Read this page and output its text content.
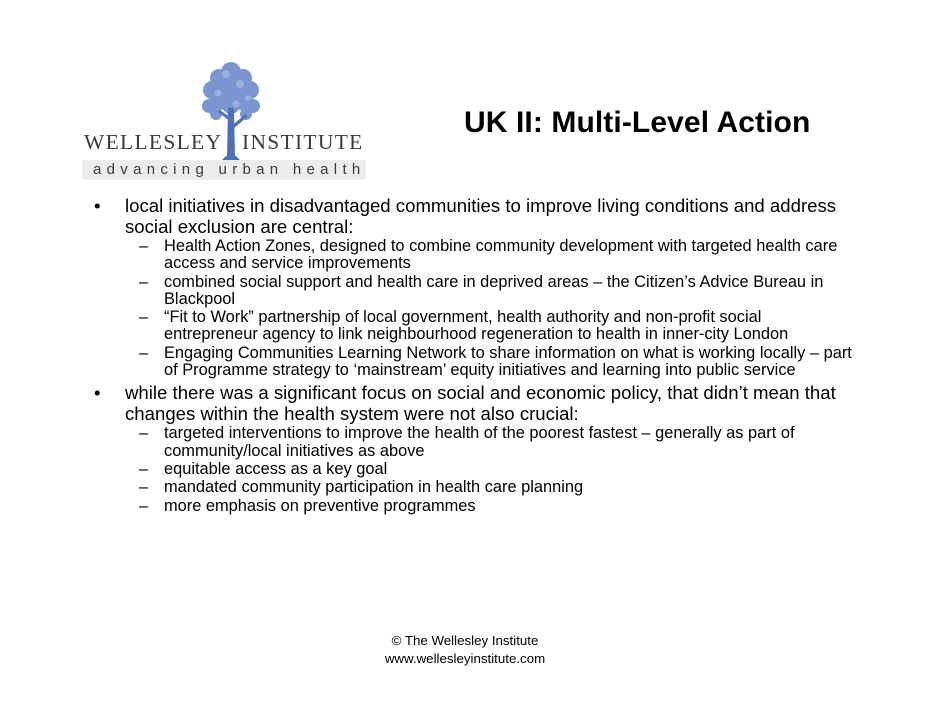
WELLESLEY INSTITUTE
advancing urban health
UK II: Multi-Level Action
• local initiatives in disadvantaged communities to improve living conditions and address social exclusion are central:
– Health Action Zones, designed to combine community development with targeted health care access and service improvements
– combined social support and health care in deprived areas – the Citizen’s Advice Bureau in Blackpool
– “Fit to Work” partnership of local government, health authority and non-profit social entrepreneur agency to link neighbourhood regeneration to health in inner-city London
– Engaging Communities Learning Network to share information on what is working locally – part of Programme strategy to ‘mainstream’ equity initiatives and learning into public service
• while there was a significant focus on social and economic policy, that didn’t mean that changes within the health system were not also crucial:
– targeted interventions to improve the health of the poorest fastest – generally as part of community/local initiatives as above
– equitable access as a key goal
– mandated community participation in health care planning
– more emphasis on preventive programmes
© The Wellesley Institute
www.wellesleyinstitute.com
